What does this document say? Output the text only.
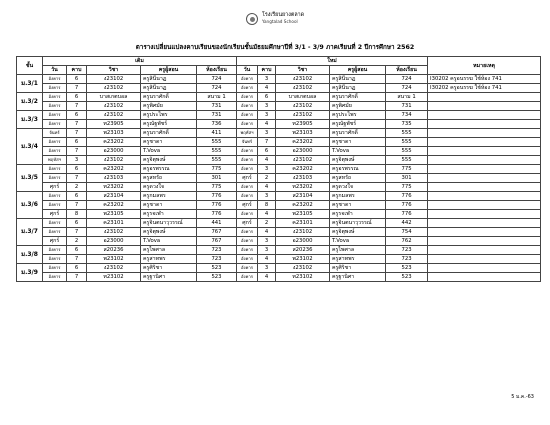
โรงเรียนยางตลาด
Yangtalad School
ตารางเปลี่ยนแปลงคาบเรียนของนักเรียนชั้นมัธยมศึกษาปีที่ 3/1 - 3/9 ภาคเรียนที่ 2 ปีการศึกษา 2562
ชั้น	เดิม					ใหม่					หมายเหตุ
	วัน	คาบ	วิชา	ครูผู้สอน	ห้องเรียน	วัน	คาบ	วิชา	ครูผู้สอน	ห้องเรียน	
ม.3/1	อังคาร	6	ง23102	ครูสินีนาฏ	724	อังคาร	3	ง23102	ครูสินีนาฏ	724	I30202 ครูอนรรฆ ใช้ห้อง 741
	อังคาร	7	ง23102	ครูสินีนาฏ	724	อังคาร	4	ง23102	ครูสินีนาฏ	724	I30202 ครูอนรรฆ ใช้ห้อง 741
ม.3/2	อังคาร	6	บาสเกตบอล	ครูนราศักดิ์	สนาม 1	อังคาร	6	บาสเกตบอล	ครูนราศักดิ์	สนาม 1	
	อังคาร	7	ง23102	ครูพิศมัย	731	อังคาร	3	ง23102	ครูพิศมัย	731	
ม.3/3	อังคาร	6	ง23102	ครูประไพร	731	อังคาร	3	ง23102	ครูประไพร	734	
	อังคาร	7	ท23905	ครูณัฐพัชร์	736	อังคาร	4	ท23905	ครูณัฐพัชร์	735	
ม.3/4	จันทร์	7	พ23103	ครูนราศักดิ์	411	พฤหัสฯ	3	พ23103	ครูนราศักดิ์	555	
	อังคาร	6	ค23202	ครูชาดา	555	จันทร์	7	ค23202	ครูชาดา	555	
	อังคาร	7	อ23000	T.Vova	555	อังคาร	6	อ23000	T.Vova	555	
	พฤหัสฯ	3	ง23102	ครูจิตุพงษ์	555	อังคาร	4	ง23102	ครูจิตุพงษ์	555	
ม.3/5	อังคาร	6	ค23202	ครูอรพรรณ	775	อังคาร	3	ค23202	ครูอรพรรณ	775	
	อังคาร	7	ง23103	ครูสหรัถ	301	ศุกร์	2	ง23103	ครูสหรัถ	301	
	ศุกร์	2	ท23202	ครูดวงใจ	775	อังคาร	4	ท23202	ครูดวงใจ	775	
ม.3/6	อังคาร	6	ส23104	ครูกมลพร	776	อังคาร	3	ส23104	ครูกมลพร	776	
	อังคาร	7	ค23202	ครูชาดา	776	ศุกร์	8	ค23202	ครูชาดา	776	
	ศุกร์	8	พ23105	ครูรจเฬา	776	อังคาร	4	พ23105	ครูรจเฬา	776	
ม.3/7	อังคาร	6	ค23101	ครูจินตนาวุวรรณ์	441	ศุกร์	2	ค23101	ครูจินตนาวุวรรณ์	442	
	อังคาร	7	ง23102	ครูจิตุพงษ์	767	อังคาร	4	ง23102	ครูจิตุพงษ์	754	
	ศุกร์	2	อ23000	T.Vova	767	อังคาร	3	อ23000	T.Vova	762	
ม.3/8	อังคาร	6	ส20236	ครูไพศาล	723	อังคาร	3	ส20236	ครูไพศาล	723	
	อังคาร	7	พ23102	ครูสาทพร	723	อังคาร	4	พ23102	ครูสาทพร	723	
ม.3/9	อังคาร	6	ง23102	ครูศิริชา	523	อังคาร	3	ง23102	ครูศิริชา	523	
	อังคาร	7	ท23102	ครูฐานิศา	523	อังคาร	4	ท23102	ครูฐานิศา	523	
5 ม.ค.-63
